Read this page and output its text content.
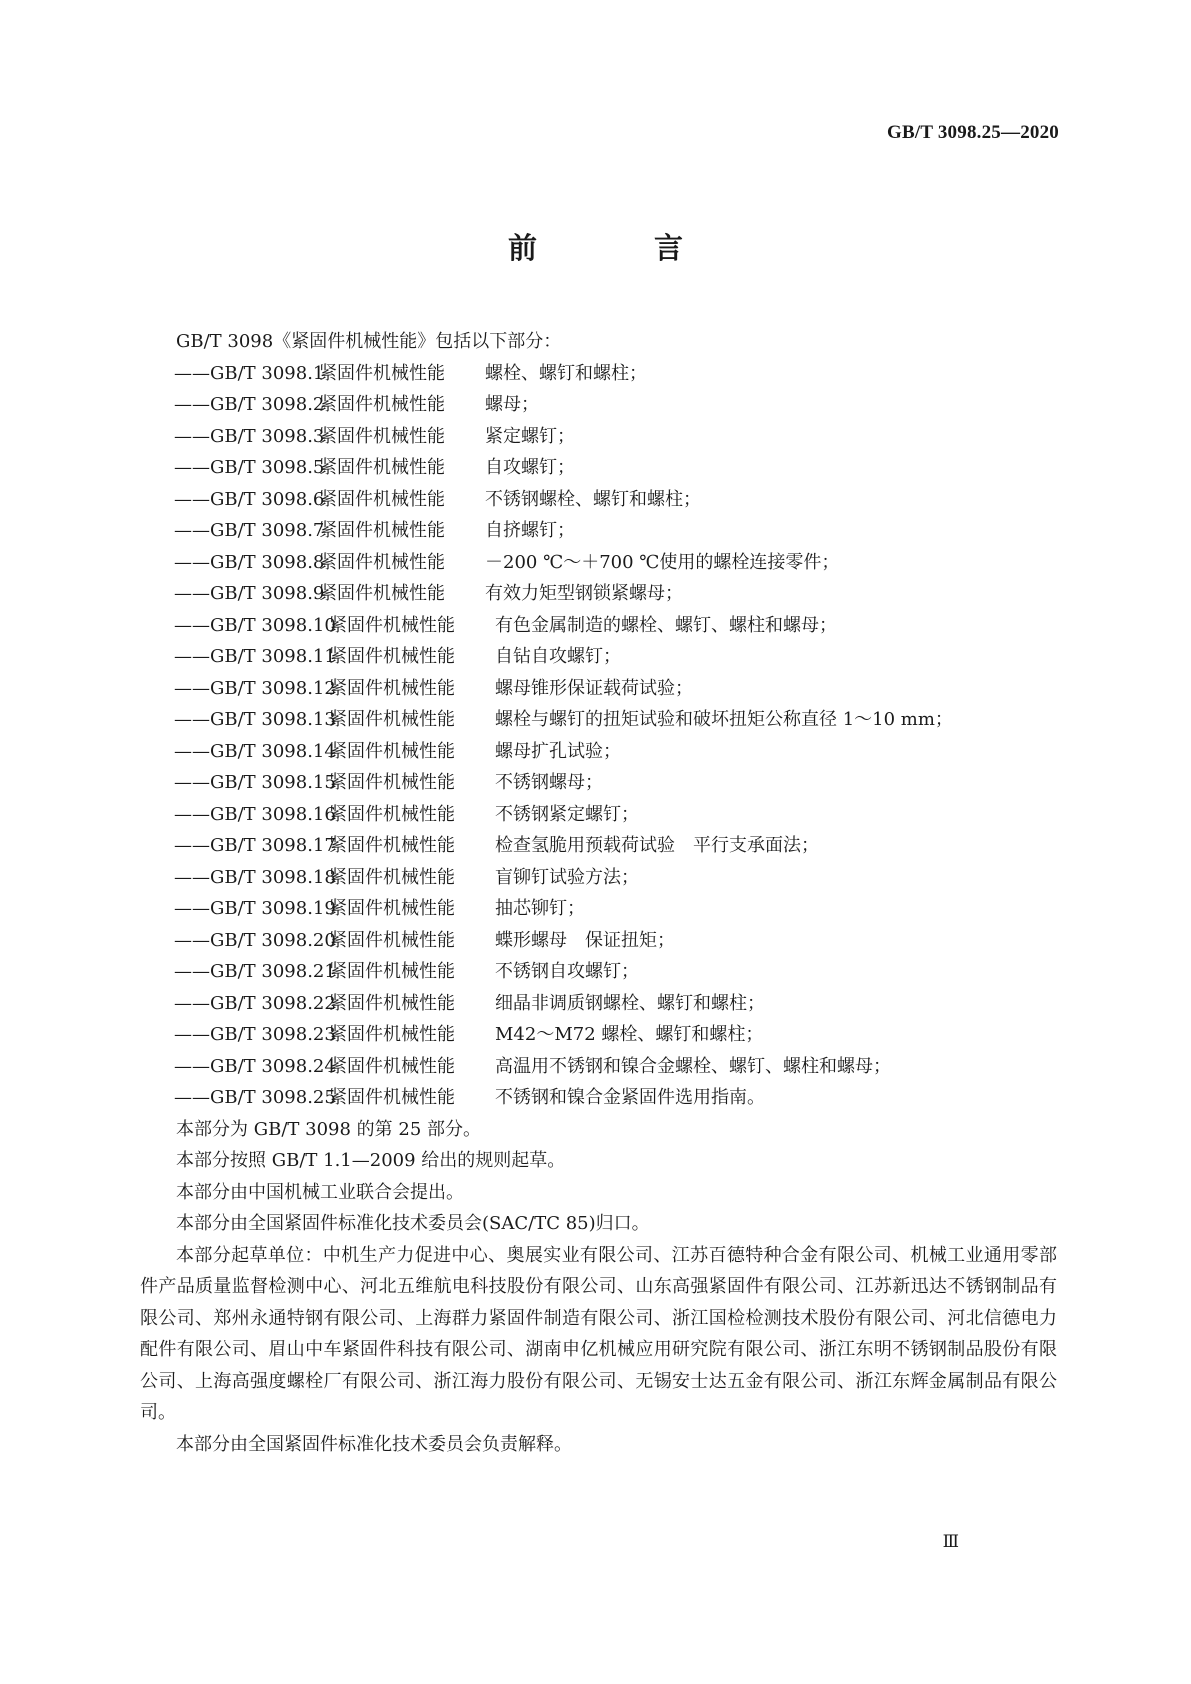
GB/T 3098.25—2020
前　言
GB/T 3098《紧固件机械性能》包括以下部分：
——GB/T 3098.1
紧固件机械性能	螺栓、螺钉和螺柱；
——GB/T 3098.2
紧固件机械性能	螺母；
——GB/T 3098.3
紧固件机械性能	紧定螺钉；
——GB/T 3098.5
紧固件机械性能	自攻螺钉；
——GB/T 3098.6
紧固件机械性能	不锈钢螺栓、螺钉和螺柱；
——GB/T 3098.7
紧固件机械性能	自挤螺钉；
——GB/T 3098.8
紧固件机械性能	－200 ℃～＋700 ℃使用的螺栓连接零件；
——GB/T 3098.9
紧固件机械性能	有效力矩型钢锁紧螺母；
——GB/T 3098.10
紧固件机械性能	有色金属制造的螺栓、螺钉、螺柱和螺母；
——GB/T 3098.11
紧固件机械性能	自钻自攻螺钉；
——GB/T 3098.12
紧固件机械性能	螺母锥形保证载荷试验；
——GB/T 3098.13
紧固件机械性能	螺栓与螺钉的扭矩试验和破坏扭矩公称直径 1～10 mm；
——GB/T 3098.14
紧固件机械性能	螺母扩孔试验；
——GB/T 3098.15
紧固件机械性能	不锈钢螺母；
——GB/T 3098.16
紧固件机械性能	不锈钢紧定螺钉；
——GB/T 3098.17
紧固件机械性能	检查氢脆用预载荷试验　平行支承面法；
——GB/T 3098.18
紧固件机械性能	盲铆钉试验方法；
——GB/T 3098.19
紧固件机械性能	抽芯铆钉；
——GB/T 3098.20
紧固件机械性能	蝶形螺母　保证扭矩；
——GB/T 3098.21
紧固件机械性能	不锈钢自攻螺钉；
——GB/T 3098.22
紧固件机械性能	细晶非调质钢螺栓、螺钉和螺柱；
——GB/T 3098.23
紧固件机械性能	M42～M72 螺栓、螺钉和螺柱；
——GB/T 3098.24
紧固件机械性能	高温用不锈钢和镍合金螺栓、螺钉、螺柱和螺母；
——GB/T 3098.25
紧固件机械性能	不锈钢和镍合金紧固件选用指南。
本部分为 GB/T 3098 的第 25 部分。
本部分按照 GB/T 1.1—2009 给出的规则起草。
本部分由中国机械工业联合会提出。
本部分由全国紧固件标准化技术委员会(SAC/TC 85)归口。
本部分起草单位：中机生产力促进中心、奥展实业有限公司、江苏百德特种合金有限公司、机械工业通用零部件产品质量监督检测中心、河北五维航电科技股份有限公司、山东高强紧固件有限公司、江苏新迅达不锈钢制品有限公司、郑州永通特钢有限公司、上海群力紧固件制造有限公司、浙江国检检测技术股份有限公司、河北信德电力配件有限公司、眉山中车紧固件科技有限公司、湖南申亿机械应用研究院有限公司、浙江东明不锈钢制品股份有限公司、上海高强度螺栓厂有限公司、浙江海力股份有限公司、无锡安士达五金有限公司、浙江东辉金属制品有限公司。
本部分由全国紧固件标准化技术委员会负责解释。
Ⅲ
